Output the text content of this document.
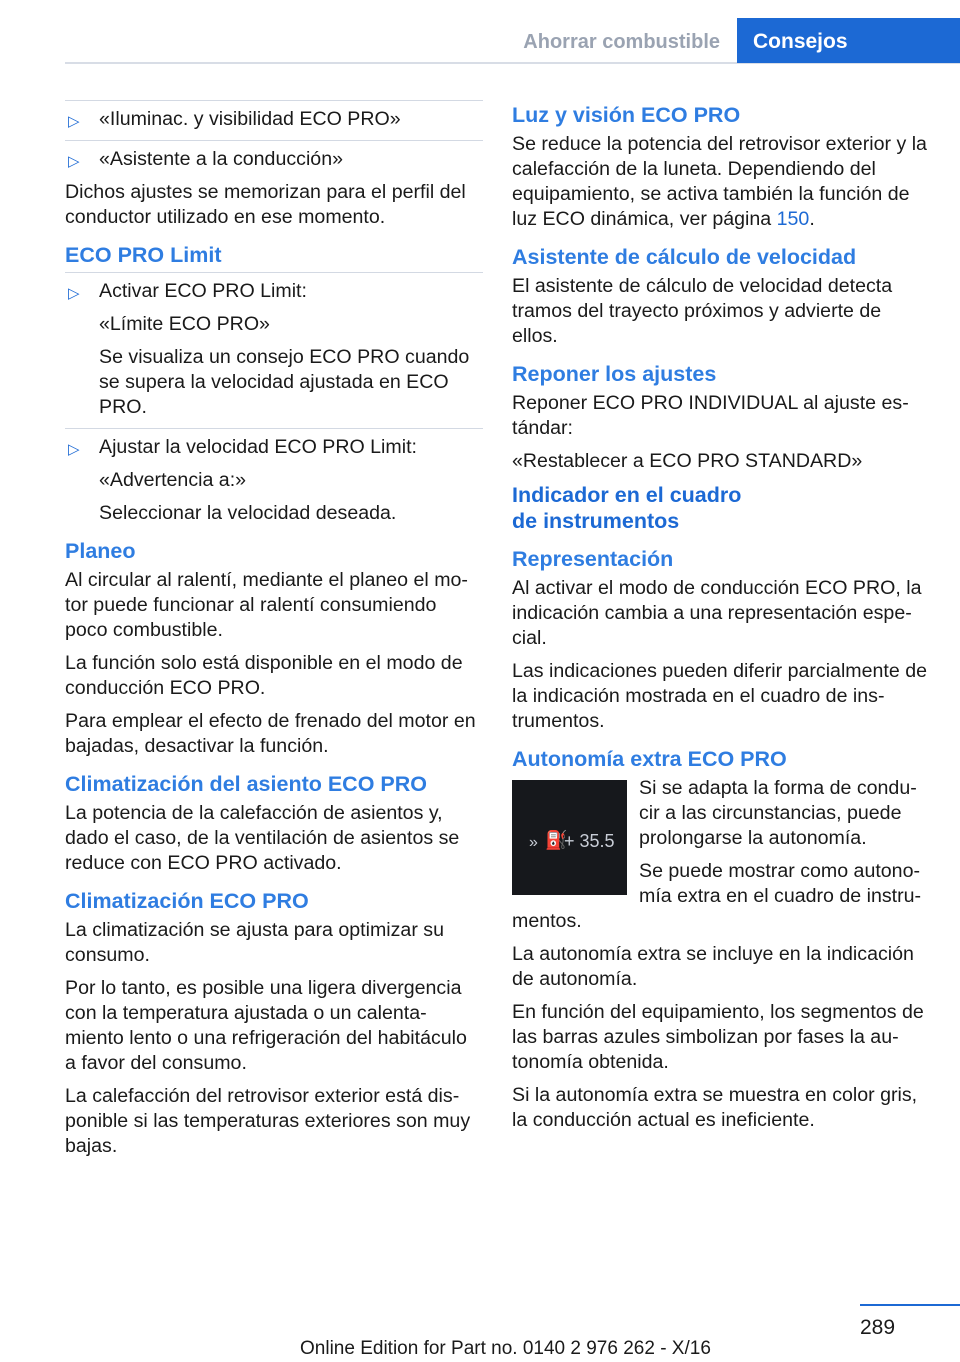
Ahorrar combustible	Consejos
▷ «Iluminac. y visibilidad ECO PRO»

▷ «Asistente a la conducción»

Dichos ajustes se memorizan para el perfil del conductor utilizado en ese momento.

ECO PRO Limit
▷ Activar ECO PRO Limit:

«Límite ECO PRO»

Se visualiza un consejo ECO PRO cuando se supera la velocidad ajustada en ECO PRO.

▷ Ajustar la velocidad ECO PRO Limit:

«Advertencia a:»

Seleccionar la velocidad deseada.

Planeo

Al circular al ralentí, mediante el planeo el mo‐tor puede funcionar al ralentí consumiendo poco combustible.

La función solo está disponible en el modo de conducción ECO PRO.

Para emplear el efecto de frenado del motor en bajadas, desactivar la función.

Climatización del asiento ECO PRO

La potencia de la calefacción de asientos y, dado el caso, de la ventilación de asientos se reduce con ECO PRO activado.

Climatización ECO PRO

La climatización se ajusta para optimizar su consumo.

Por lo tanto, es posible una ligera divergencia con la temperatura ajustada o un calenta‐miento lento o una refrigeración del habitáculo a favor del consumo.

La calefacción del retrovisor exterior está dis‐ponible si las temperaturas exteriores son muy bajas.

Luz y visión ECO PRO

Se reduce la potencia del retrovisor exterior y la calefacción de la luneta. Dependiendo del equipamiento, se activa también la función de luz ECO dinámica, ver página 150.

Asistente de cálculo de velocidad

El asistente de cálculo de velocidad detecta tramos del trayecto próximos y advierte de ellos.

Reponer los ajustes

Reponer ECO PRO INDIVIDUAL al ajuste es‐tándar:

«Restablecer a ECO PRO STANDARD»

Indicador en el cuadro
de instrumentos
Representación

Al activar el modo de conducción ECO PRO, la indicación cambia a una representación espe‐cial.

Las indicaciones pueden diferir parcialmente de la indicación mostrada en el cuadro de ins‐trumentos.

Autonomía extra ECO PRO
» ⛽
+ 35.5

Si se adapta la forma de condu‐cir a las circunstancias, puede prolongarse la autonomía.

Se puede mostrar como autono‐mía extra en el cuadro de instru‐mentos.

La autonomía extra se incluye en la indicación de autonomía.

En función del equipamiento, los segmentos de las barras azules simbolizan por fases la au‐tonomía obtenida.

Si la autonomía extra se muestra en color gris, la conducción actual es ineficiente.

289
Online Edition for Part no. 0140 2 976 262 - X/16
